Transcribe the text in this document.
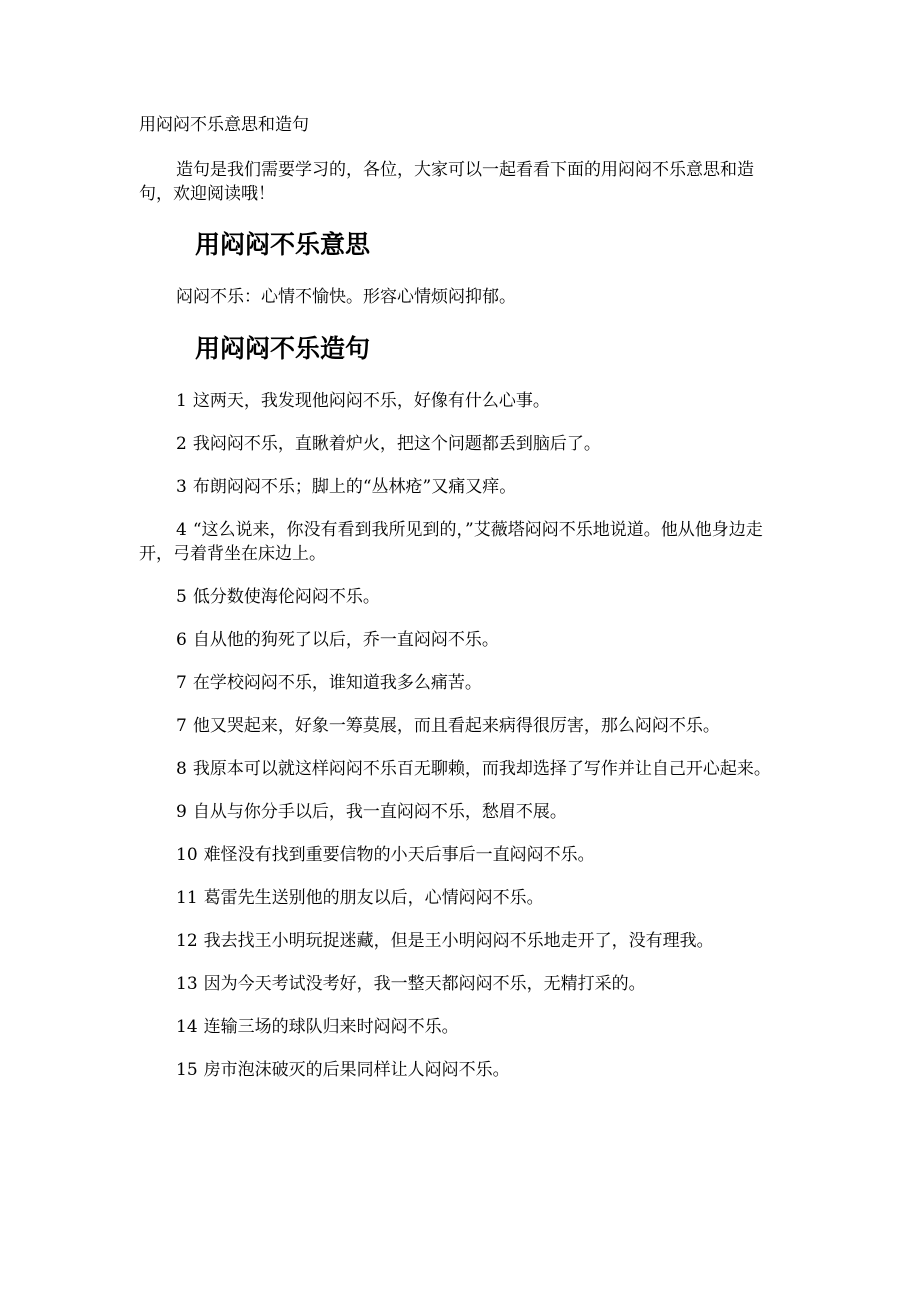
用闷闷不乐意思和造句

造句是我们需要学习的，各位，大家可以一起看看下面的用闷闷不乐意思和造句，欢迎阅读哦！

用闷闷不乐意思

闷闷不乐：心情不愉快。形容心情烦闷抑郁。

用闷闷不乐造句
1 这两天，我发现他闷闷不乐，好像有什么心事。
2 我闷闷不乐，直瞅着炉火，把这个问题都丢到脑后了。
3 布朗闷闷不乐；脚上的“丛林疮”又痛又痒。
4 “这么说来，你没有看到我所见到的，”艾薇塔闷闷不乐地说道。他从他身边走开，弓着背坐在床边上。
5 低分数使海伦闷闷不乐。
6 自从他的狗死了以后，乔一直闷闷不乐。
7 在学校闷闷不乐，谁知道我多么痛苦。
7 他又哭起来，好象一筹莫展，而且看起来病得很厉害，那么闷闷不乐。
8 我原本可以就这样闷闷不乐百无聊赖，而我却选择了写作并让自己开心起来。
9 自从与你分手以后，我一直闷闷不乐，愁眉不展。
10 难怪没有找到重要信物的小天后事后一直闷闷不乐。
11 葛雷先生送别他的朋友以后，心情闷闷不乐。
12 我去找王小明玩捉迷藏，但是王小明闷闷不乐地走开了，没有理我。
13 因为今天考试没考好，我一整天都闷闷不乐，无精打采的。
14 连输三场的球队归来时闷闷不乐。
15 房市泡沫破灭的后果同样让人闷闷不乐。
